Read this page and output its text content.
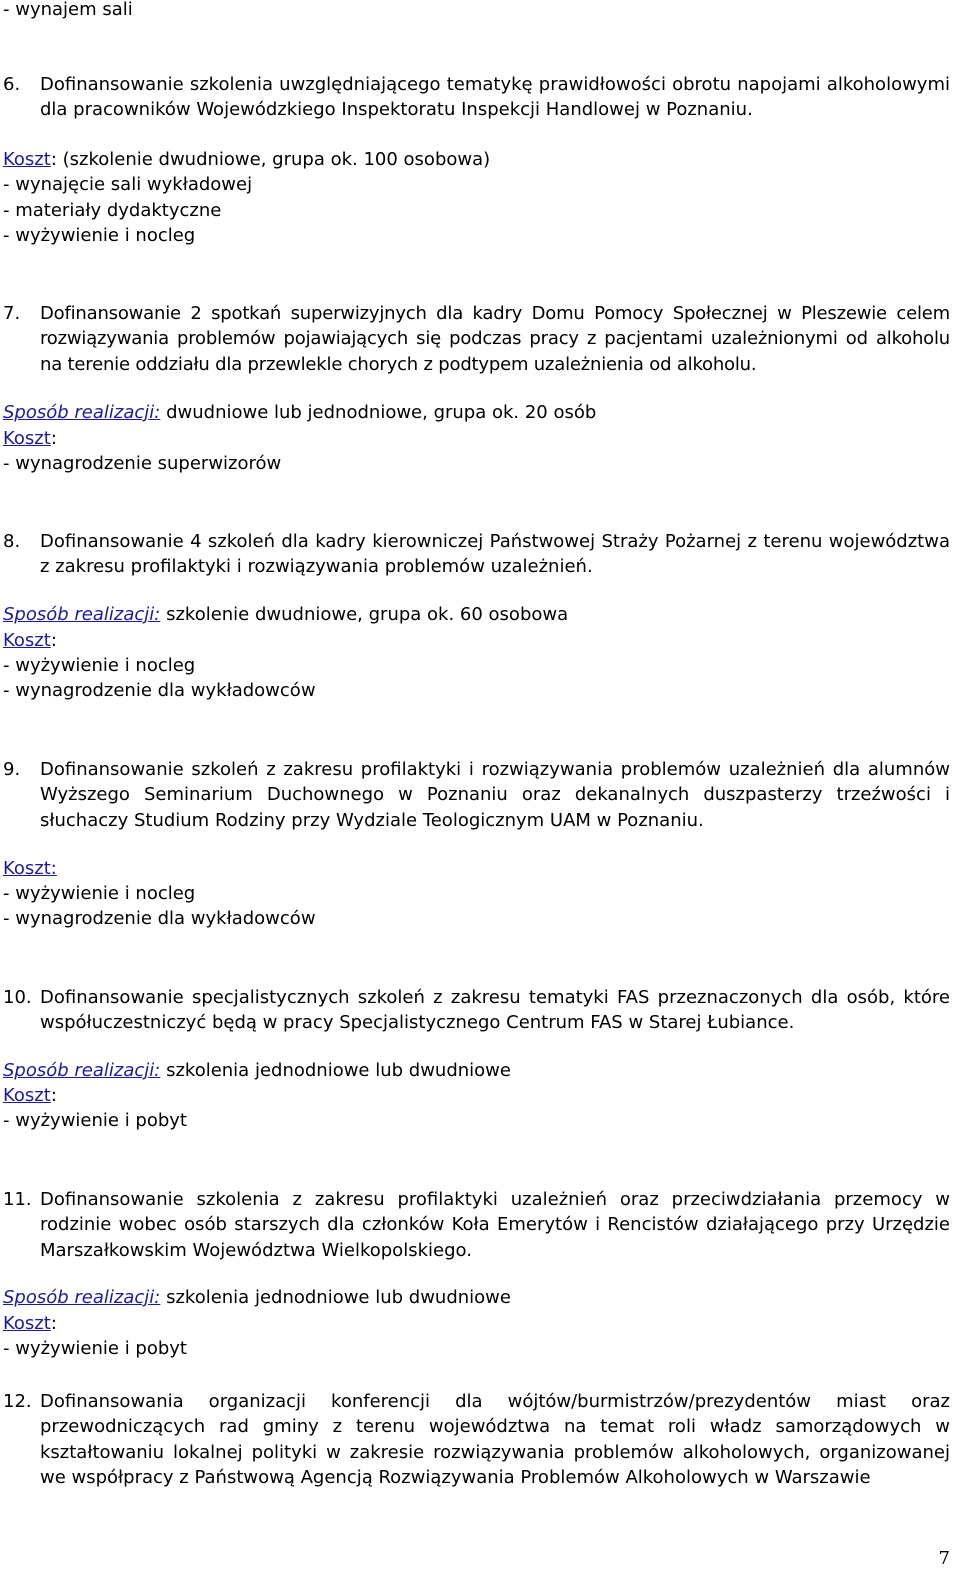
- wynajem sali
6. Dofinansowanie szkolenia uwzględniającego tematykę prawidłowości obrotu napojami alkoholowymi dla pracowników Wojewódzkiego Inspektoratu Inspekcji Handlowej w Poznaniu.
Koszt: (szkolenie dwudniowe, grupa ok. 100 osobowa)
- wynajęcie sali wykładowej
- materiały dydaktyczne
- wyżywienie i nocleg
7. Dofinansowanie 2 spotkań superwizyjnych dla kadry Domu Pomocy Społecznej w Pleszewie celem rozwiązywania problemów pojawiających się podczas pracy z pacjentami uzależnionymi od alkoholu na terenie oddziału dla przewlekle chorych z podtypem uzależnienia od alkoholu.
Sposób realizacji: dwudniowe lub jednodniowe, grupa ok. 20 osób
Koszt:
- wynagrodzenie superwizorów
8. Dofinansowanie 4 szkoleń dla kadry kierowniczej Państwowej Straży Pożarnej z terenu województwa z zakresu profilaktyki i rozwiązywania problemów uzależnień.
Sposób realizacji: szkolenie dwudniowe, grupa ok. 60 osobowa
Koszt:
- wyżywienie i nocleg
- wynagrodzenie dla wykładowców
9. Dofinansowanie szkoleń z zakresu profilaktyki i rozwiązywania problemów uzależnień dla alumnów Wyższego Seminarium Duchownego w Poznaniu oraz dekanalnych duszpasterzy trzeźwości i słuchaczy Studium Rodziny przy Wydziale Teologicznym UAM w Poznaniu.
Koszt:
- wyżywienie i nocleg
- wynagrodzenie dla wykładowców
10. Dofinansowanie specjalistycznych szkoleń z zakresu tematyki FAS przeznaczonych dla osób, które współuczestniczyć będą w pracy Specjalistycznego Centrum FAS w Starej Łubiance.
Sposób realizacji: szkolenia jednodniowe lub dwudniowe
Koszt:
- wyżywienie i pobyt
11. Dofinansowanie szkolenia z zakresu profilaktyki uzależnień oraz przeciwdziałania przemocy w rodzinie wobec osób starszych dla członków Koła Emerytów i Rencistów działającego przy Urzędzie Marszałkowskim Województwa Wielkopolskiego.
Sposób realizacji: szkolenia jednodniowe lub dwudniowe
Koszt:
- wyżywienie i pobyt
12. Dofinansowania organizacji konferencji dla wójtów/burmistrzów/prezydentów miast oraz przewodniczących rad gminy z terenu województwa na temat roli władz samorządowych w kształtowaniu lokalnej polityki w zakresie rozwiązywania problemów alkoholowych, organizowanej we współpracy z Państwową Agencją Rozwiązywania Problemów Alkoholowych w Warszawie
7
